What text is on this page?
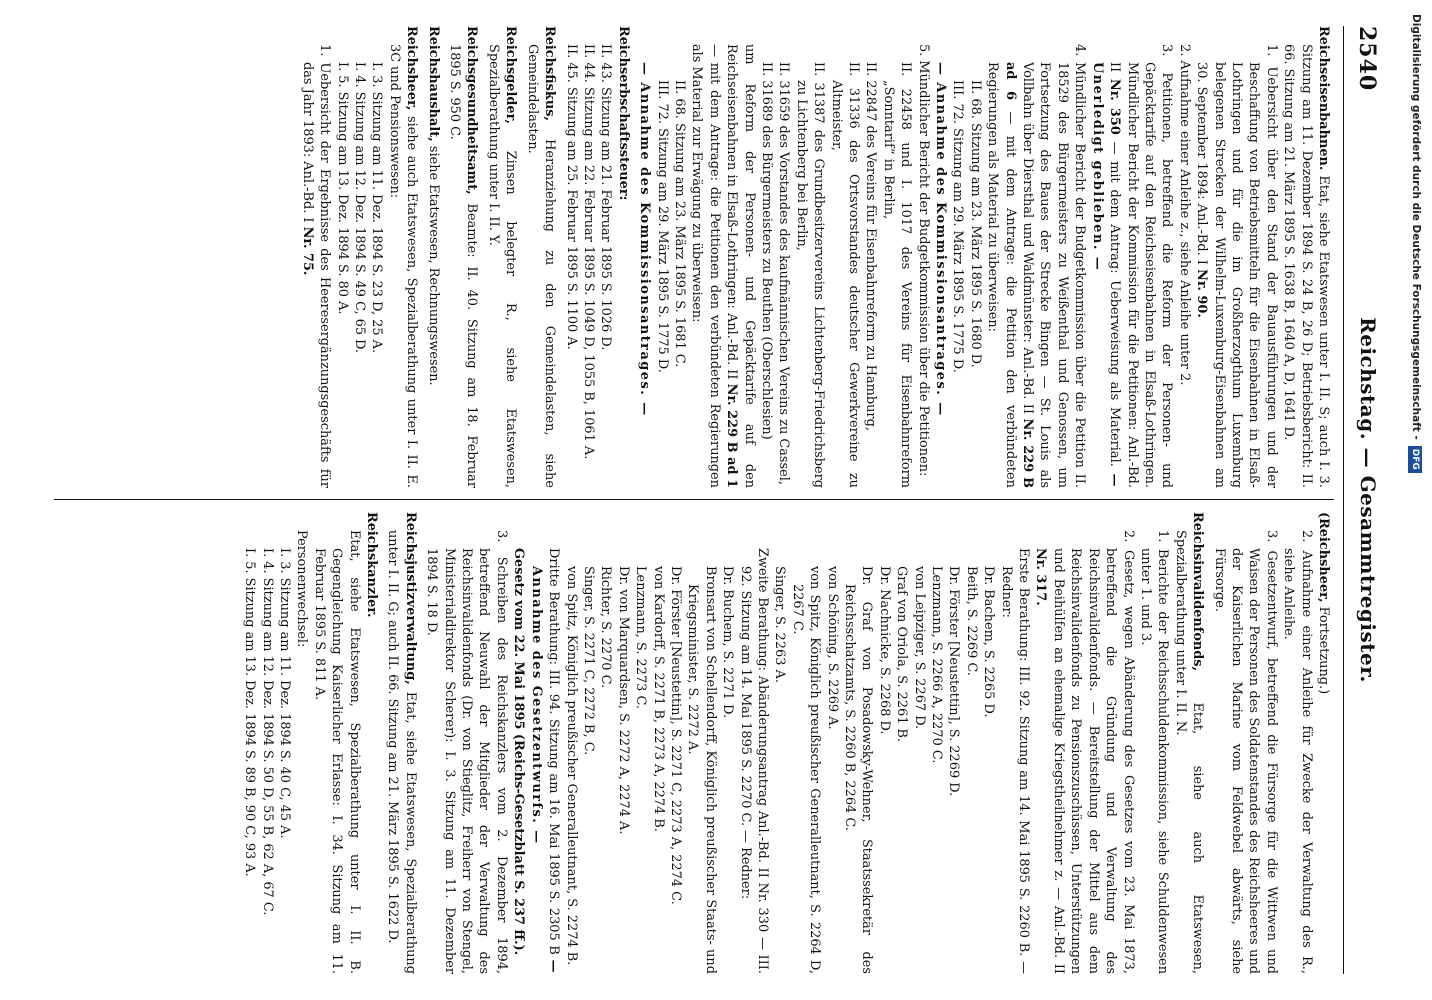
2540
Reichstag. — Gesammtregister.

Reichseisenbahnen. Etat, siehe Etatswesen unter I. II. S; auch I. 3. Sitzung am 11. Dezember 1894 S. 24 B, 26 D; Betriebsbericht: II. 66. Sitzung am 21. März 1895 S. 1638 B, 1640 A, D, 1641 D.

1. Uebersicht über den Stand der Bauausführungen und der Beschaffung von Betriebsmitteln für die Eisenbahnen in Elsaß-Lothringen und für die im Großherzogthum Luxemburg belegenen Strecken der Wilhelm-Luxemburg-Eisenbahnen am 30. September 1894: Anl.-Bd. I Nr. 90.

2. Aufnahme einer Anleihe z., siehe Anleihe unter 2.

3. Petitionen, betreffend die Reform der Personen- und Gepäcktarife auf den Reichseisenbahnen in Elsaß-Lothringen. Mündlicher Bericht der Kommission für die Petitionen: Anl.-Bd. II Nr. 350 — mit dem Antrag: Ueberweisung als Material. — Unerledigt geblieben. —

4. Mündlicher Bericht der Budgetkommission über die Petition II. 18529 des Bürgermeisters zu Weißenthal und Genossen, um Fortsetzung des Baues der Strecke Bingen — St. Louis als Vollbahn über Diersthal und Waldmünster: Anl.-Bd. II Nr. 229 B ad 6 — mit dem Antrage: die Petition den verbündeten Regierungen als Material zu überweisen:

II. 68. Sitzung am 23. März 1895 S. 1680 D.

III. 72. Sitzung am 29. März 1895 S. 1775 D.

— Annahme des Kommissionsantrages. —

5. Mündlicher Bericht der Budgetkommission über die Petitionen:

II. 22458 und I. 1017 des Vereins für Eisenbahnreform „Sonntarif“ in Berlin,

II. 22847 des Vereins für Eisenbahnreform zu Hamburg,

II. 31336 des Ortsvorstandes deutscher Gewerkvereine zu Altmeister,

II. 31387 des Grundbesitzervereins Lichtenberg-Friedrichsberg zu Lichtenberg bei Berlin,

II. 31659 des Vorstandes des kaufmännischen Vereins zu Cassel,

II. 31689 des Bürgermeisters zu Beuthen (Oberschlesien)

um Reform der Personen- und Gepäcktarife auf den Reichseisenbahnen in Elsaß-Lothringen: Anl.-Bd. II Nr. 229 B ad 1 — mit dem Antrage: die Petitionen den verbündeten Regierungen als Material zur Erwägung zu überweisen:

II. 68. Sitzung am 23. März 1895 S. 1681 C.

III. 72. Sitzung am 29. März 1895 S. 1775 D.

— Annahme des Kommissionsantrages. —

Reichserbschaftssteuer:

II. 43. Sitzung am 21. Februar 1895 S. 1026 D.

II. 44. Sitzung am 22. Februar 1895 S. 1049 D, 1055 B, 1061 A.

II. 45. Sitzung am 25. Februar 1895 S. 1100 A.

Reichsfiskus, Heranziehung zu den Gemeindelasten, siehe Gemeindelasten.

Reichsgelder, Zinsen belegter R., siehe Etatswesen, Spezialberathung unter I. II. Y.

Reichsgesundheitsamt, Beamte: II. 40. Sitzung am 18. Februar 1895 S. 950 C.

Reichshaushalt, siehe Etatswesen, Rechnungswesen.

Reichsheer, siehe auch Etatswesen, Spezialberathung unter I. II. E. 3C und Pensionswesen:

I. 3. Sitzung am 11. Dez. 1894 S. 23 D, 25 A.

I. 4. Sitzung am 12. Dez. 1894 S. 49 C, 65 D.

I. 5. Sitzung am 13. Dez. 1894 S. 80 A.

1. Uebersicht der Ergebnisse des Heeresergänzungsgeschäfts für das Jahr 1893: Anl.-Bd. I Nr. 75.

(Reichsheer, Fortsetzung.)

2. Aufnahme einer Anleihe für Zwecke der Verwaltung des R., siehe Anleihe.

3. Gesetzentwurf, betreffend die Fürsorge für die Wittwen und Waisen der Personen des Soldatenstandes des Reichsheeres und der Kaiserlichen Marine vom Feldwebel abwärts, siehe Fürsorge.

Reichsinvalidenfonds, Etat, siehe auch Etatswesen, Spezialberathung unter I. II. N.

1. Berichte der Reichsschuldenkommission, siehe Schuldenwesen unter 1. und 3.

2. Gesetz, wegen Abänderung des Gesetzes vom 23. Mai 1873, betreffend die Gründung und Verwaltung des Reichsinvalidenfonds. — Bereitstellung der Mittel aus dem Reichsinvalidenfonds zu Pensionszuschüssen, Unterstützungen und Beihülfen an ehemalige Kriegstheilnehmer z. — Anl.-Bd. II Nr. 317.

Erste Berathung: III. 92. Sitzung am 14. Mai 1895 S. 2260 B. — Redner:

Dr. Bachem, S. 2265 D.

Beith, S. 2269 C.

Dr. Förster [Neustettin], S. 2269 D.

Lenzmann, S. 2266 A, 2270 C.

von Leipziger, S. 2267 D.

Graf von Oriola, S. 2261 B.

Dr. Nachnicke, S. 2268 D.

Dr. Graf von Posadowsky-Wehner, Staatssekretär des Reichsschatzamts, S. 2260 B, 2264 C.

von Schöning, S. 2269 A.

von Spitz, Königlich preußischer Generalleutnant, S. 2264 D, 2267 C.

Singer, S. 2263 A.

Zweite Berathung: Abänderungsantrag Anl.-Bd. II Nr. 330 — III. 92. Sitzung am 14. Mai 1895 S. 2270 C. — Redner:

Dr. Buchem, S. 2271 D.

Bronsart von Schellendorff, Königlich preußischer Staats- und Kriegsminister, S. 2272 A.

Dr. Förster [Neustettin], S. 2271 C, 2273 A, 2274 C.

von Kardorff, S. 2271 B, 2273 A, 2274 B.

Lenzmann, S. 2273 C.

Dr. von Marquardsen, S. 2272 A, 2274 A.

Richter, S. 2270 C.

Singer, S. 2271 C, 2272 B, C.

von Spitz, Königlich preußischer Generalleutnant, S. 2274 B.

Dritte Berathung: III. 94. Sitzung am 16. Mai 1895 S. 2305 B — Annahme des Gesetzentwurfs. —

Gesetz vom 22. Mai 1895 (Reichs-Gesetzblatt S. 237 ff.).

3. Schreiben des Reichskanzlers vom 2. Dezember 1894, betreffend Neuwahl der Mitglieder der Verwaltung des Reichsinvalidenfonds (Dr. von Stieglitz, Freiherr von Stengel, Ministerialdirektor Scherer): I. 3. Sitzung am 11. Dezember 1894 S. 18 D.

Reichsjustizverwaltung, Etat, siehe Etatswesen, Spezialberathung unter I. II. G; auch II. 66. Sitzung am 21. März 1895 S. 1622 D.

Reichskanzler.

Etat, siehe Etatswesen, Spezialberathung unter I. II. B. Gegengleichung Kaiserlicher Erlasse: I. 34. Sitzung am 11. Februar 1895 S. 811 A.

Personenwechsel:

I. 3. Sitzung am 11. Dez. 1894 S. 40 C, 45 A.

I. 4. Sitzung am 12. Dez. 1894 S. 50 D, 55 B, 62 A, 67 C.

I. 5. Sitzung am 13. Dez. 1894 S. 89 B, 90 C, 93 A.

Digitalisierung gefördert durch die Deutsche Forschungsgemeinschaft -DFG
